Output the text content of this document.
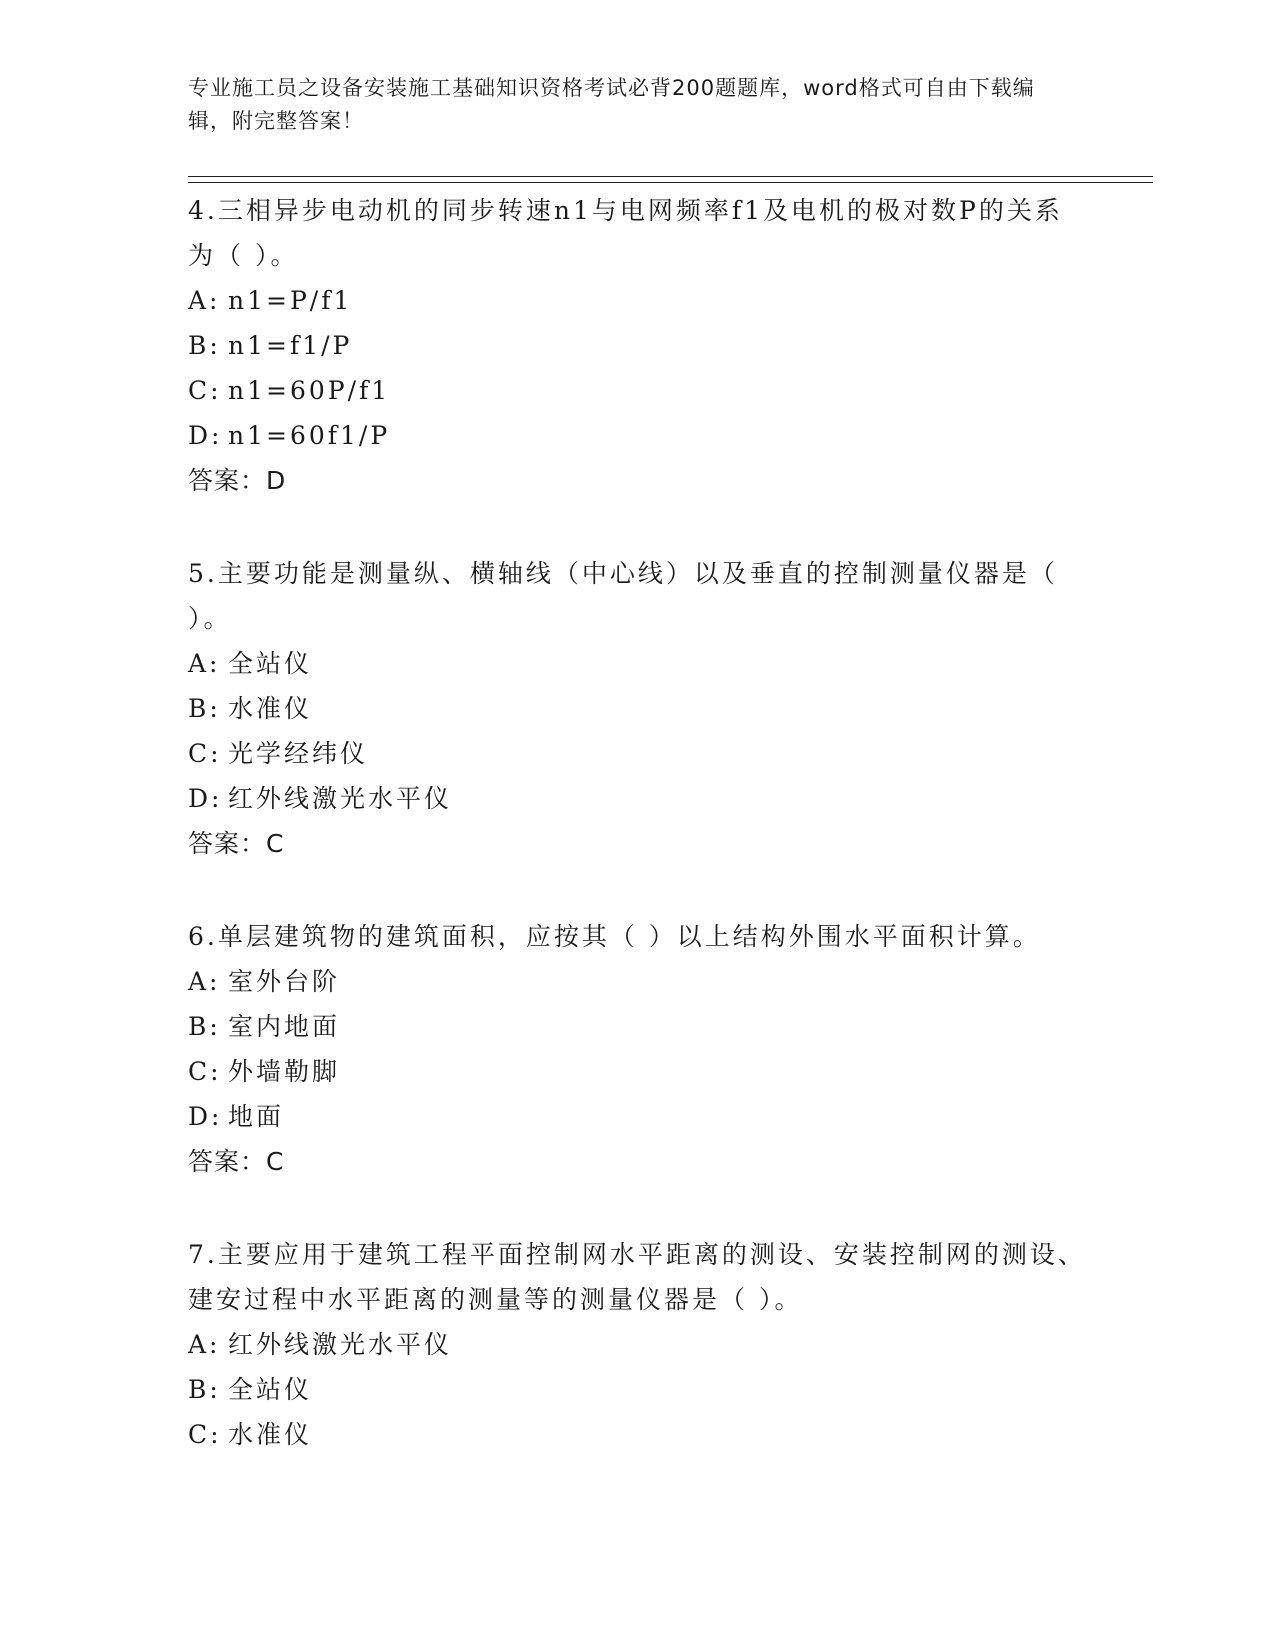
专业施工员之设备安装施工基础知识资格考试必背200题题库，word格式可自由下载编辑，附完整答案！

4.三相异步电动机的同步转速n1与电网频率f1及电机的极对数P的关系为（ ）。

A: n1=P/f1
B: n1=f1/P
C: n1=60P/f1
D: n1=60f1/P
答案：D

5.主要功能是测量纵、横轴线（中心线）以及垂直的控制测量仪器是（ ）。

A: 全站仪
B: 水准仪
C: 光学经纬仪
D: 红外线激光水平仪
答案：C

6.单层建筑物的建筑面积，应按其（ ）以上结构外围水平面积计算。

A: 室外台阶
B: 室内地面
C: 外墙勒脚
D: 地面
答案：C

7.主要应用于建筑工程平面控制网水平距离的测设、安装控制网的测设、建安过程中水平距离的测量等的测量仪器是（ ）。

A: 红外线激光水平仪
B: 全站仪
C: 水准仪
